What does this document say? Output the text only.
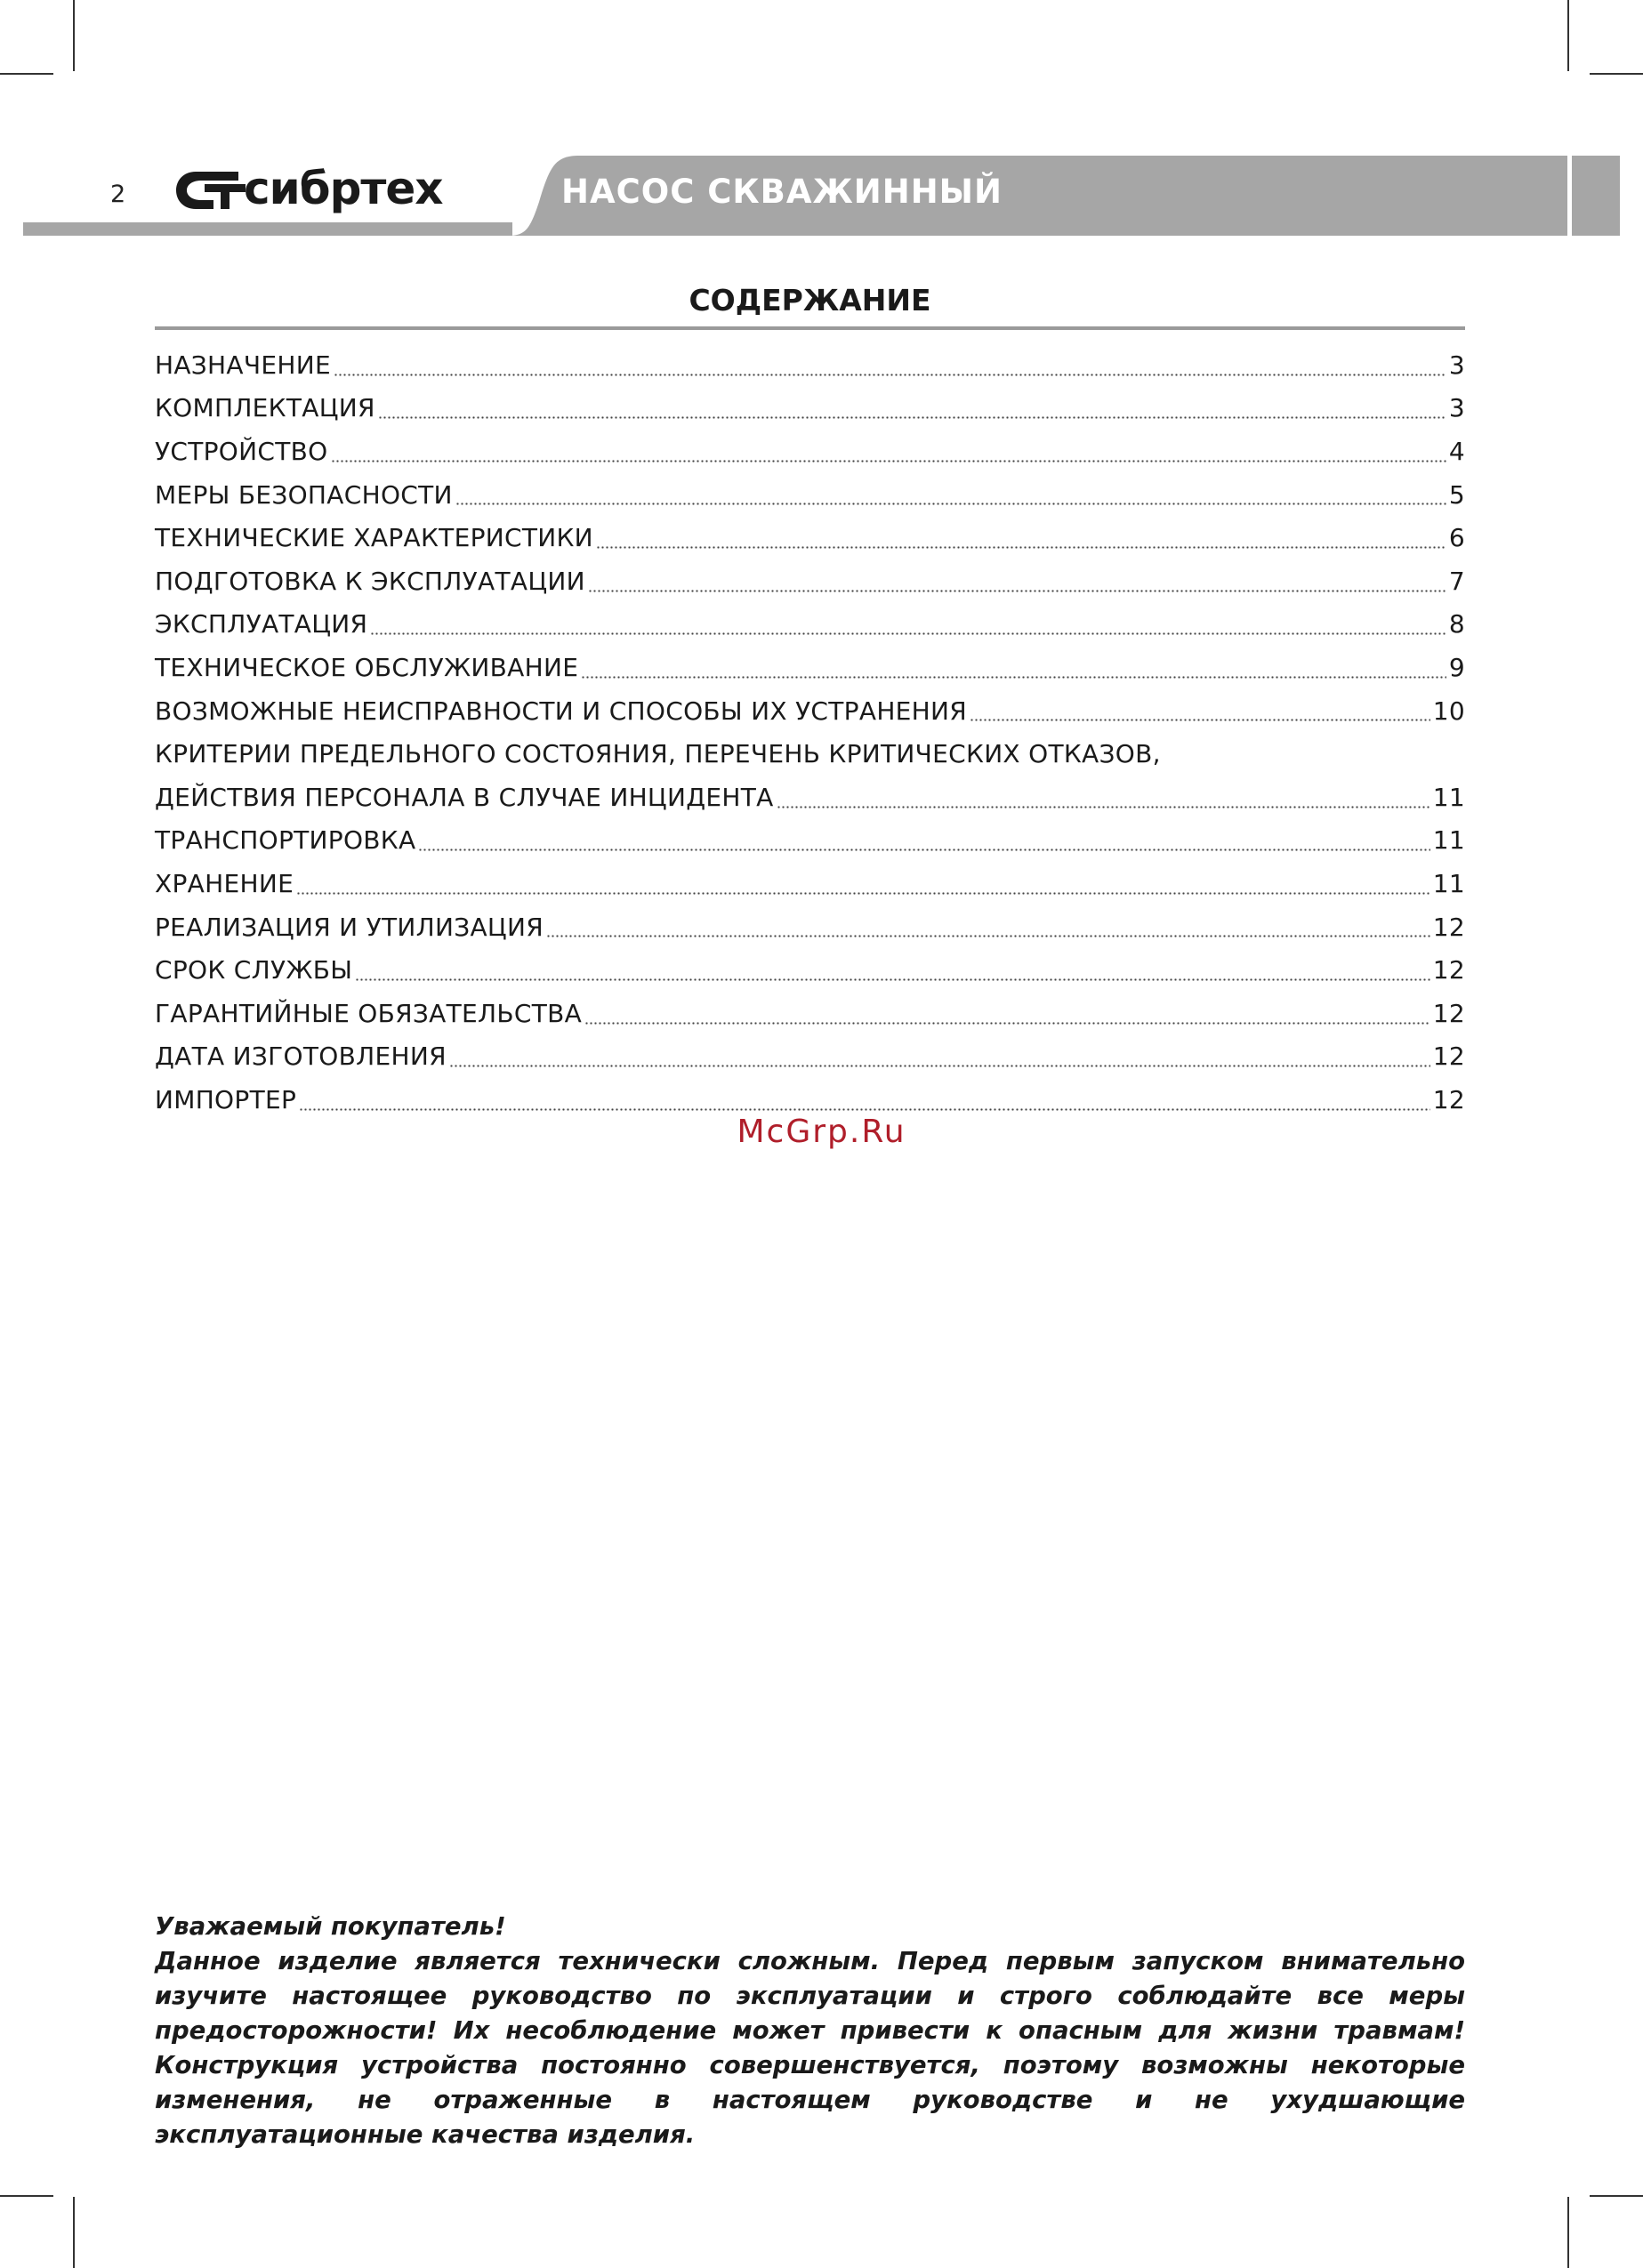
2	сибртех	НАСОС СКВАЖИННЫЙ
СОДЕРЖАНИЕ
НАЗНАЧЕНИЕ	3
КОМПЛЕКТАЦИЯ	3
УСТРОЙСТВО	4
МЕРЫ БЕЗОПАСНОСТИ	5
ТЕХНИЧЕСКИЕ ХАРАКТЕРИСТИКИ	6
ПОДГОТОВКА К ЭКСПЛУАТАЦИИ	7
ЭКСПЛУАТАЦИЯ	8
ТЕХНИЧЕСКОЕ ОБСЛУЖИВАНИЕ	9
ВОЗМОЖНЫЕ НЕИСПРАВНОСТИ И СПОСОБЫ ИХ УСТРАНЕНИЯ	10
КРИТЕРИИ ПРЕДЕЛЬНОГО СОСТОЯНИЯ, ПЕРЕЧЕНЬ КРИТИЧЕСКИХ ОТКАЗОВ,
ДЕЙСТВИЯ ПЕРСОНАЛА В СЛУЧАЕ ИНЦИДЕНТА	11
ТРАНСПОРТИРОВКА	11
ХРАНЕНИЕ	11
РЕАЛИЗАЦИЯ И УТИЛИЗАЦИЯ	12
СРОК СЛУЖБЫ	12
ГАРАНТИЙНЫЕ ОБЯЗАТЕЛЬСТВА	12
ДАТА ИЗГОТОВЛЕНИЯ	12
ИМПОРТЕР	12
McGrp.Ru

Уважаемый покупатель!

Данное изделие является технически сложным. Перед первым запуском внимательно изучите настоящее руководство по эксплуатации и строго соблюдайте все меры предосторожности! Их несоблюдение может привести к опасным для жизни травмам! Конструкция устройства постоянно совершенствуется, поэтому возможны некоторые изменения, не отраженные в настоящем руководстве и не ухудшающие эксплуатационные качества изделия.
